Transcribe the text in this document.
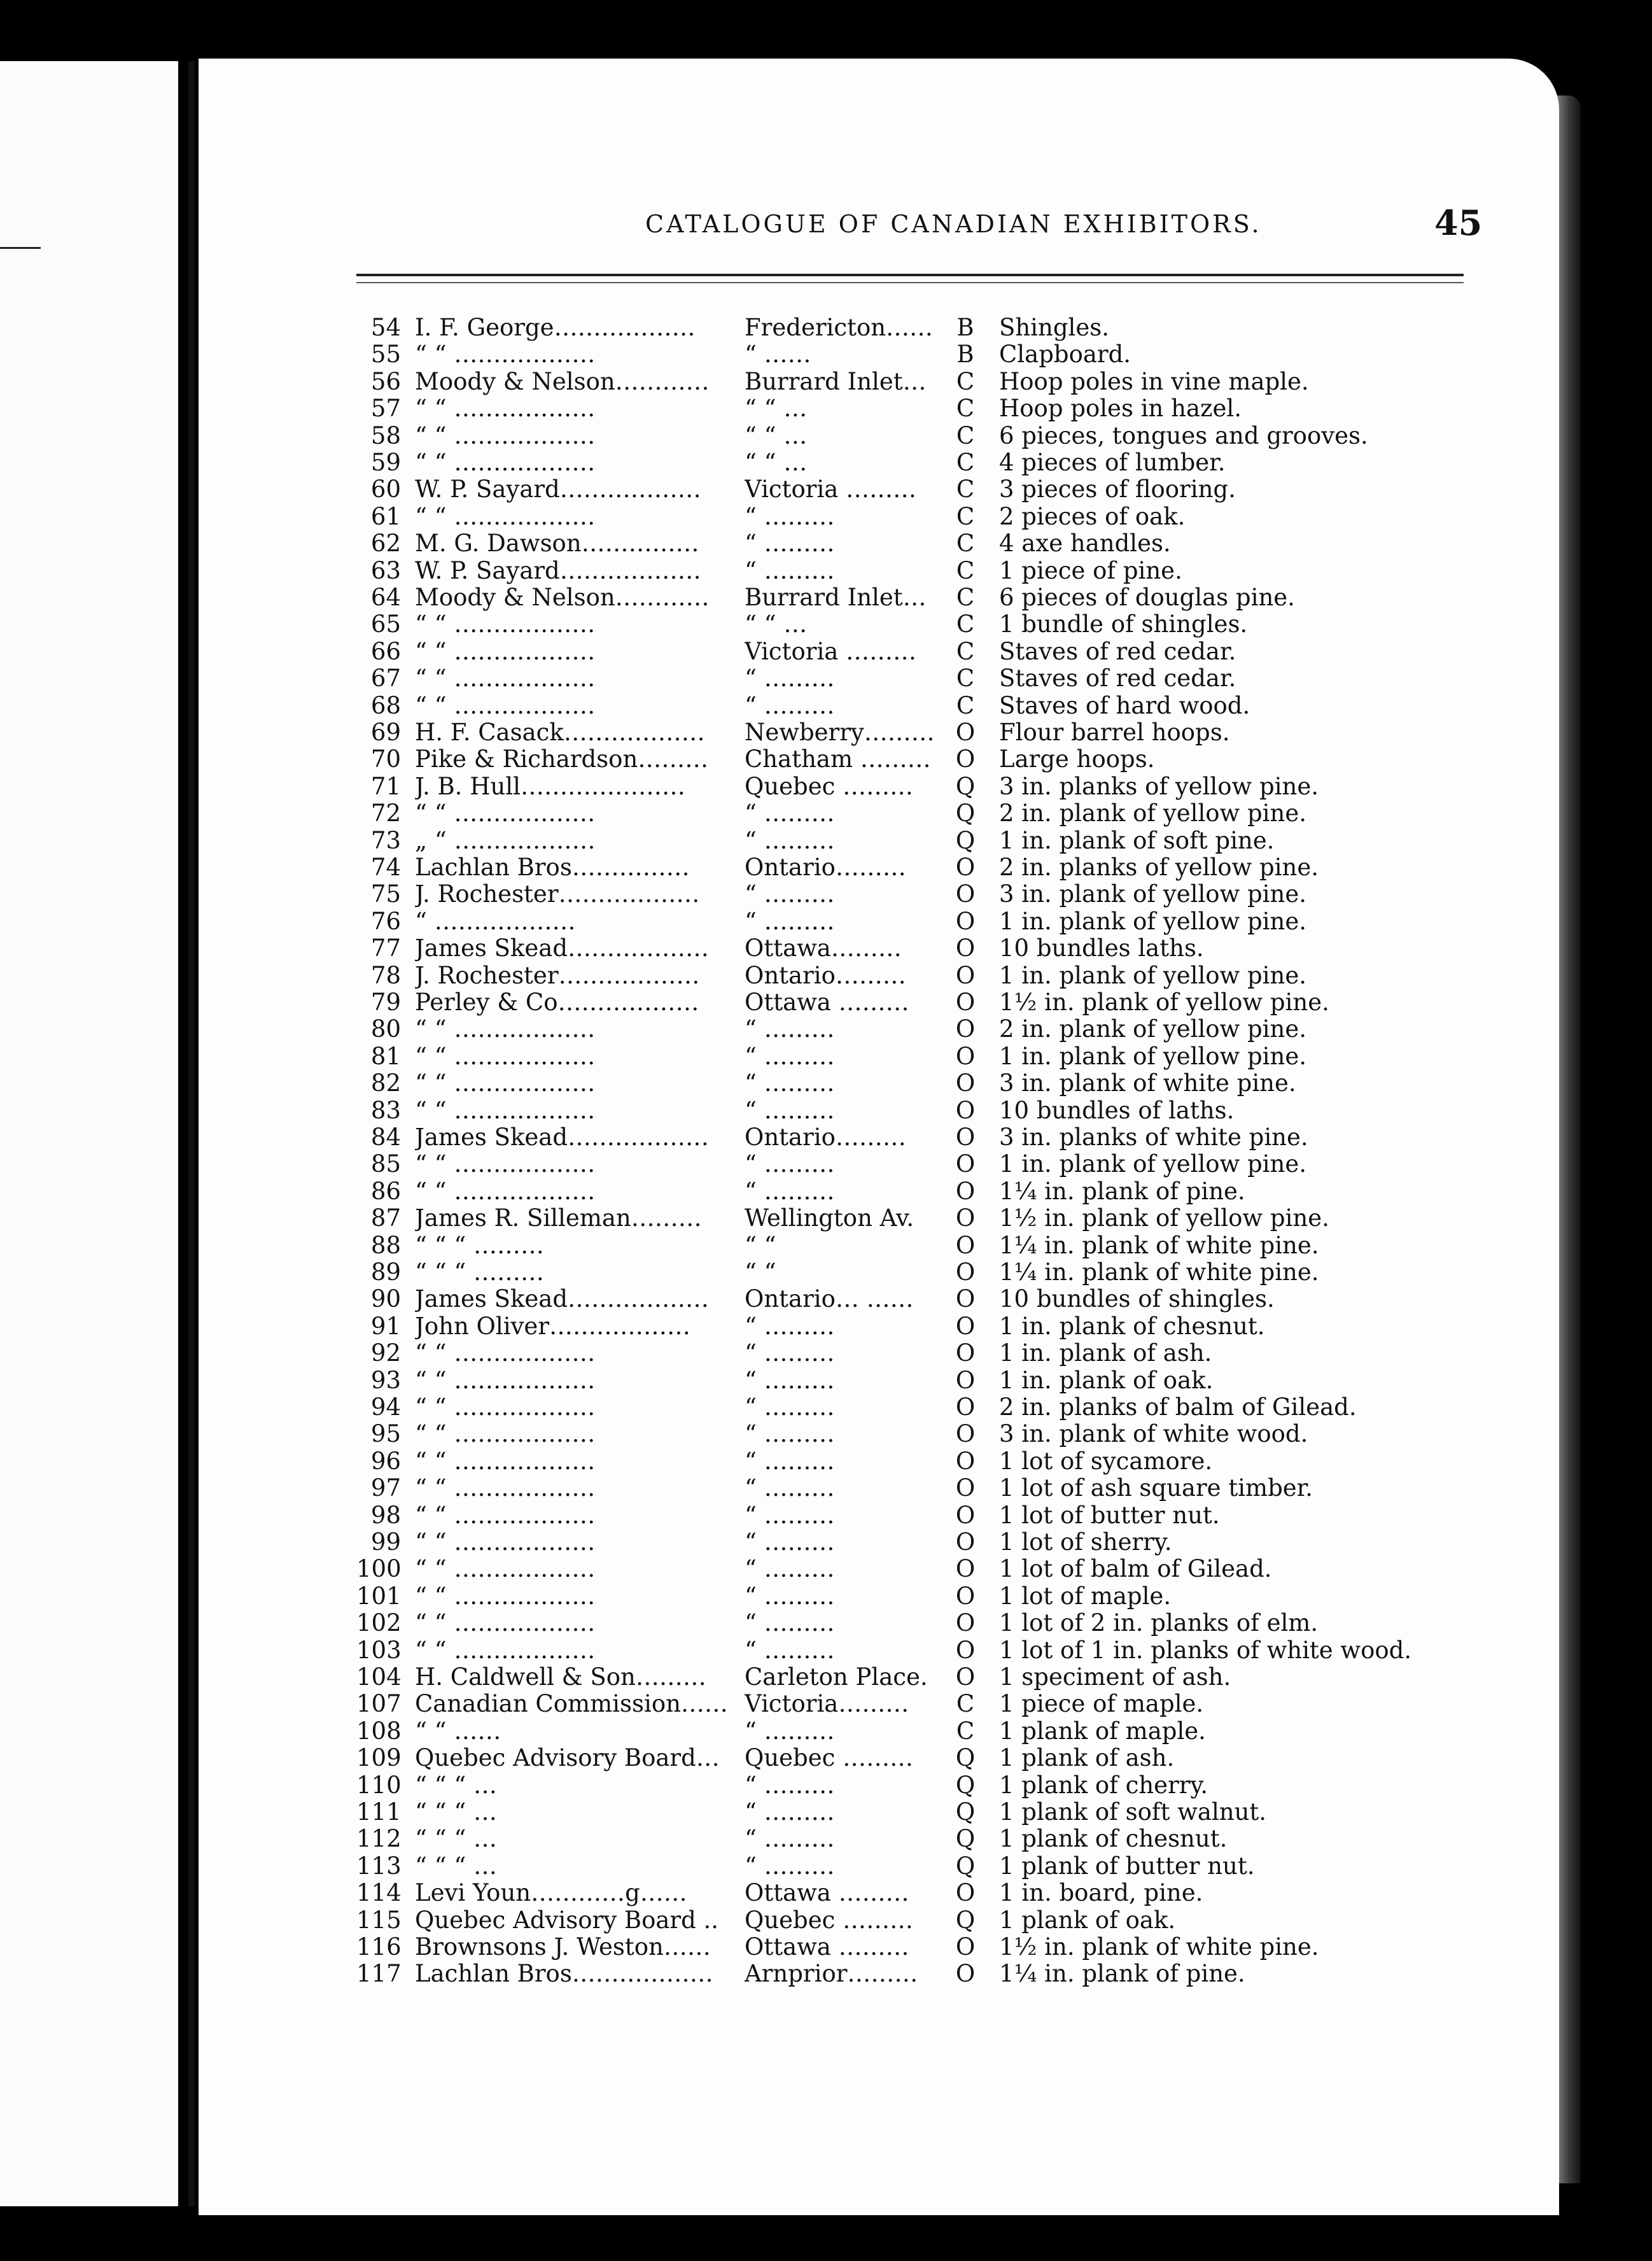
CATALOGUE OF CANADIAN EXHIBITORS.	45
54 I. F. George………………	Fredericton……	B Shingles.
55 “ “ ………………	“ ……	B Clapboard.
56 Moody & Nelson…………	Burrard Inlet…	C Hoop poles in vine maple.
57 “ “ ………………	“ “ …	C Hoop poles in hazel.
58 “ “ ………………	“ “ …	C 6 pieces, tongues and grooves.
59 “ “ ………………	“ “ …	C 4 pieces of lumber.
60 W. P. Sayard………………	Victoria ………	C 3 pieces of flooring.
61 “ “ ………………	“ ………	C 2 pieces of oak.
62 M. G. Dawson……………	“ ………	C 4 axe handles.
63 W. P. Sayard………………	“ ………	C 1 piece of pine.
64 Moody & Nelson…………	Burrard Inlet…	C 6 pieces of douglas pine.
65 “ “ ………………	“ “ …	C 1 bundle of shingles.
66 “ “ ………………	Victoria ………	C Staves of red cedar.
67 “ “ ………………	“ ………	C Staves of red cedar.
68 “ “ ………………	“ ………	C Staves of hard wood.
69 H. F. Casack………………	Newberry……… O Flour barrel hoops.
70 Pike & Richardson………	Chatham ………	O Large hoops.
71 J. B. Hull…………………	Quebec ………	Q 3 in. planks of yellow pine.
72 “ “ ………………	“ ………	Q 2 in. plank of yellow pine.
73 „ “ ………………	“ ………	Q 1 in. plank of soft pine.
74 Lachlan Bros……………	Ontario………	O 2 in. planks of yellow pine.
75 J. Rochester………………	“ ………	O 3 in. plank of yellow pine.
76 “ ………………	“ ………	O 1 in. plank of yellow pine.
77 James Skead………………	Ottawa………	O 10 bundles laths.
78 J. Rochester………………	Ontario………	O 1 in. plank of yellow pine.
79 Perley & Co………………	Ottawa ………	O 1½ in. plank of yellow pine.
80 “ “ ………………	“ ………	O 2 in. plank of yellow pine.
81 “ “ ………………	“ ………	O 1 in. plank of yellow pine.
82 “ “ ………………	“ ………	O 3 in. plank of white pine.
83 “ “ ………………	“ ………	O 10 bundles of laths.
84 James Skead………………	Ontario………	O 3 in. planks of white pine.
85 “ “ ………………	“ ………	O 1 in. plank of yellow pine.
86 “ “ ………………	“ ………	O 1¼ in. plank of pine.
87 James R. Silleman………	Wellington Av.	O 1½ in. plank of yellow pine.
88 “ “ “ ………	“ “	O 1¼ in. plank of white pine.
89 “ “ “ ………	“ “	O 1¼ in. plank of white pine.
90 James Skead………………	Ontario… ……	O 10 bundles of shingles.
91 John Oliver………………	“ ………	O 1 in. plank of chesnut.
92 “ “ ………………	“ ………	O 1 in. plank of ash.
93 “ “ ………………	“ ………	O 1 in. plank of oak.
94 “ “ ………………	“ ………	O 2 in. planks of balm of Gilead.
95 “ “ ………………	“ ………	O 3 in. plank of white wood.
96 “ “ ………………	“ ………	O 1 lot of sycamore.
97 “ “ ………………	“ ………	O 1 lot of ash square timber.
98 “ “ ………………	“ ………	O 1 lot of butter nut.
99 “ “ ………………	“ ………	O 1 lot of sherry.
100 “ “ ………………	“ ………	O 1 lot of balm of Gilead.
101 “ “ ………………	“ ………	O 1 lot of maple.
102 “ “ ………………	“ ………	O 1 lot of 2 in. planks of elm.
103 “ “ ………………	“ ………	O 1 lot of 1 in. planks of white wood.
104 H. Caldwell & Son………	Carleton Place.	O 1 speciment of ash.
107 Canadian Commission…… Victoria………	C 1 piece of maple.
108 “ “ ……	“ ………	C 1 plank of maple.
109 Quebec Advisory Board…	Quebec ………	Q 1 plank of ash.
110 “ “ “ …	“ ………	Q 1 plank of cherry.
111 “ “ “ …	“ ………	Q 1 plank of soft walnut.
112 “ “ “ …	“ ………	Q 1 plank of chesnut.
113 “ “ “ …	“ ………	Q 1 plank of butter nut.
114 Levi Youn…………g……	Ottawa ………	O 1 in. board, pine.
115 Quebec Advisory Board ..	Quebec ………	Q 1 plank of oak.
116 Brownsons J. Weston……	Ottawa ………	O 1½ in. plank of white pine.
117 Lachlan Bros………………	Arnprior………	O 1¼ in. plank of pine.
